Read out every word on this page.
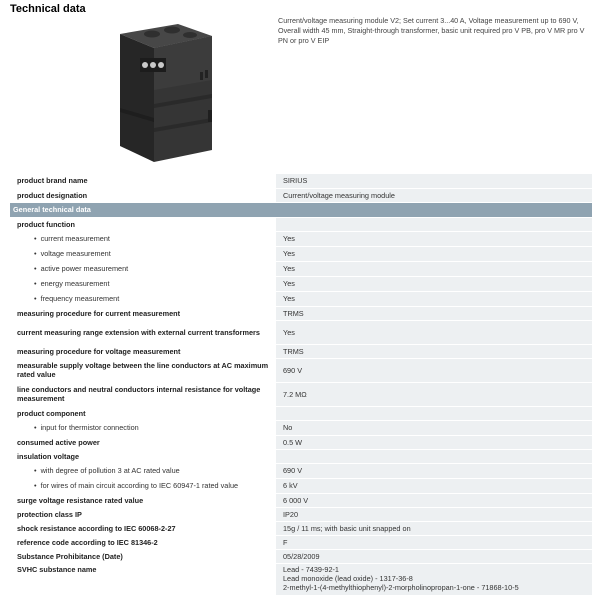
Technical data
Current/voltage measuring module V2; Set current 3...40 A, Voltage measurement up to 690 V, Overall width 45 mm, Straight-through transformer, basic unit required pro V PB, pro V MR pro V PN or pro V EIP
product brand name	SIRIUS
product designation	Current/voltage measuring module
General technical data	
product function	
• current measurement	Yes
• voltage measurement	Yes
• active power measurement	Yes
• energy measurement	Yes
• frequency measurement	Yes
measuring procedure for current measurement	TRMS
current measuring range extension with external current transformers	Yes
measuring procedure for voltage measurement	TRMS
measurable supply voltage between the line conductors at AC maximum rated value	690 V
line conductors and neutral conductors internal resistance for voltage measurement	7.2 MΩ
product component	
• input for thermistor connection	No
consumed active power	0.5 W
insulation voltage	
• with degree of pollution 3 at AC rated value	690 V
• for wires of main circuit according to IEC 60947-1 rated value	6 kV
surge voltage resistance rated value	6 000 V
protection class IP	IP20
shock resistance according to IEC 60068-2-27	15g / 11 ms; with basic unit snapped on
reference code according to IEC 81346-2	F
Substance Prohibitance (Date)	05/28/2009
SVHC substance name	Lead - 7439-92-1
Lead monoxide (lead oxide) - 1317-36-8
2-methyl-1-(4-methylthiophenyl)-2-morpholinopropan-1-one - 71868-10-5
